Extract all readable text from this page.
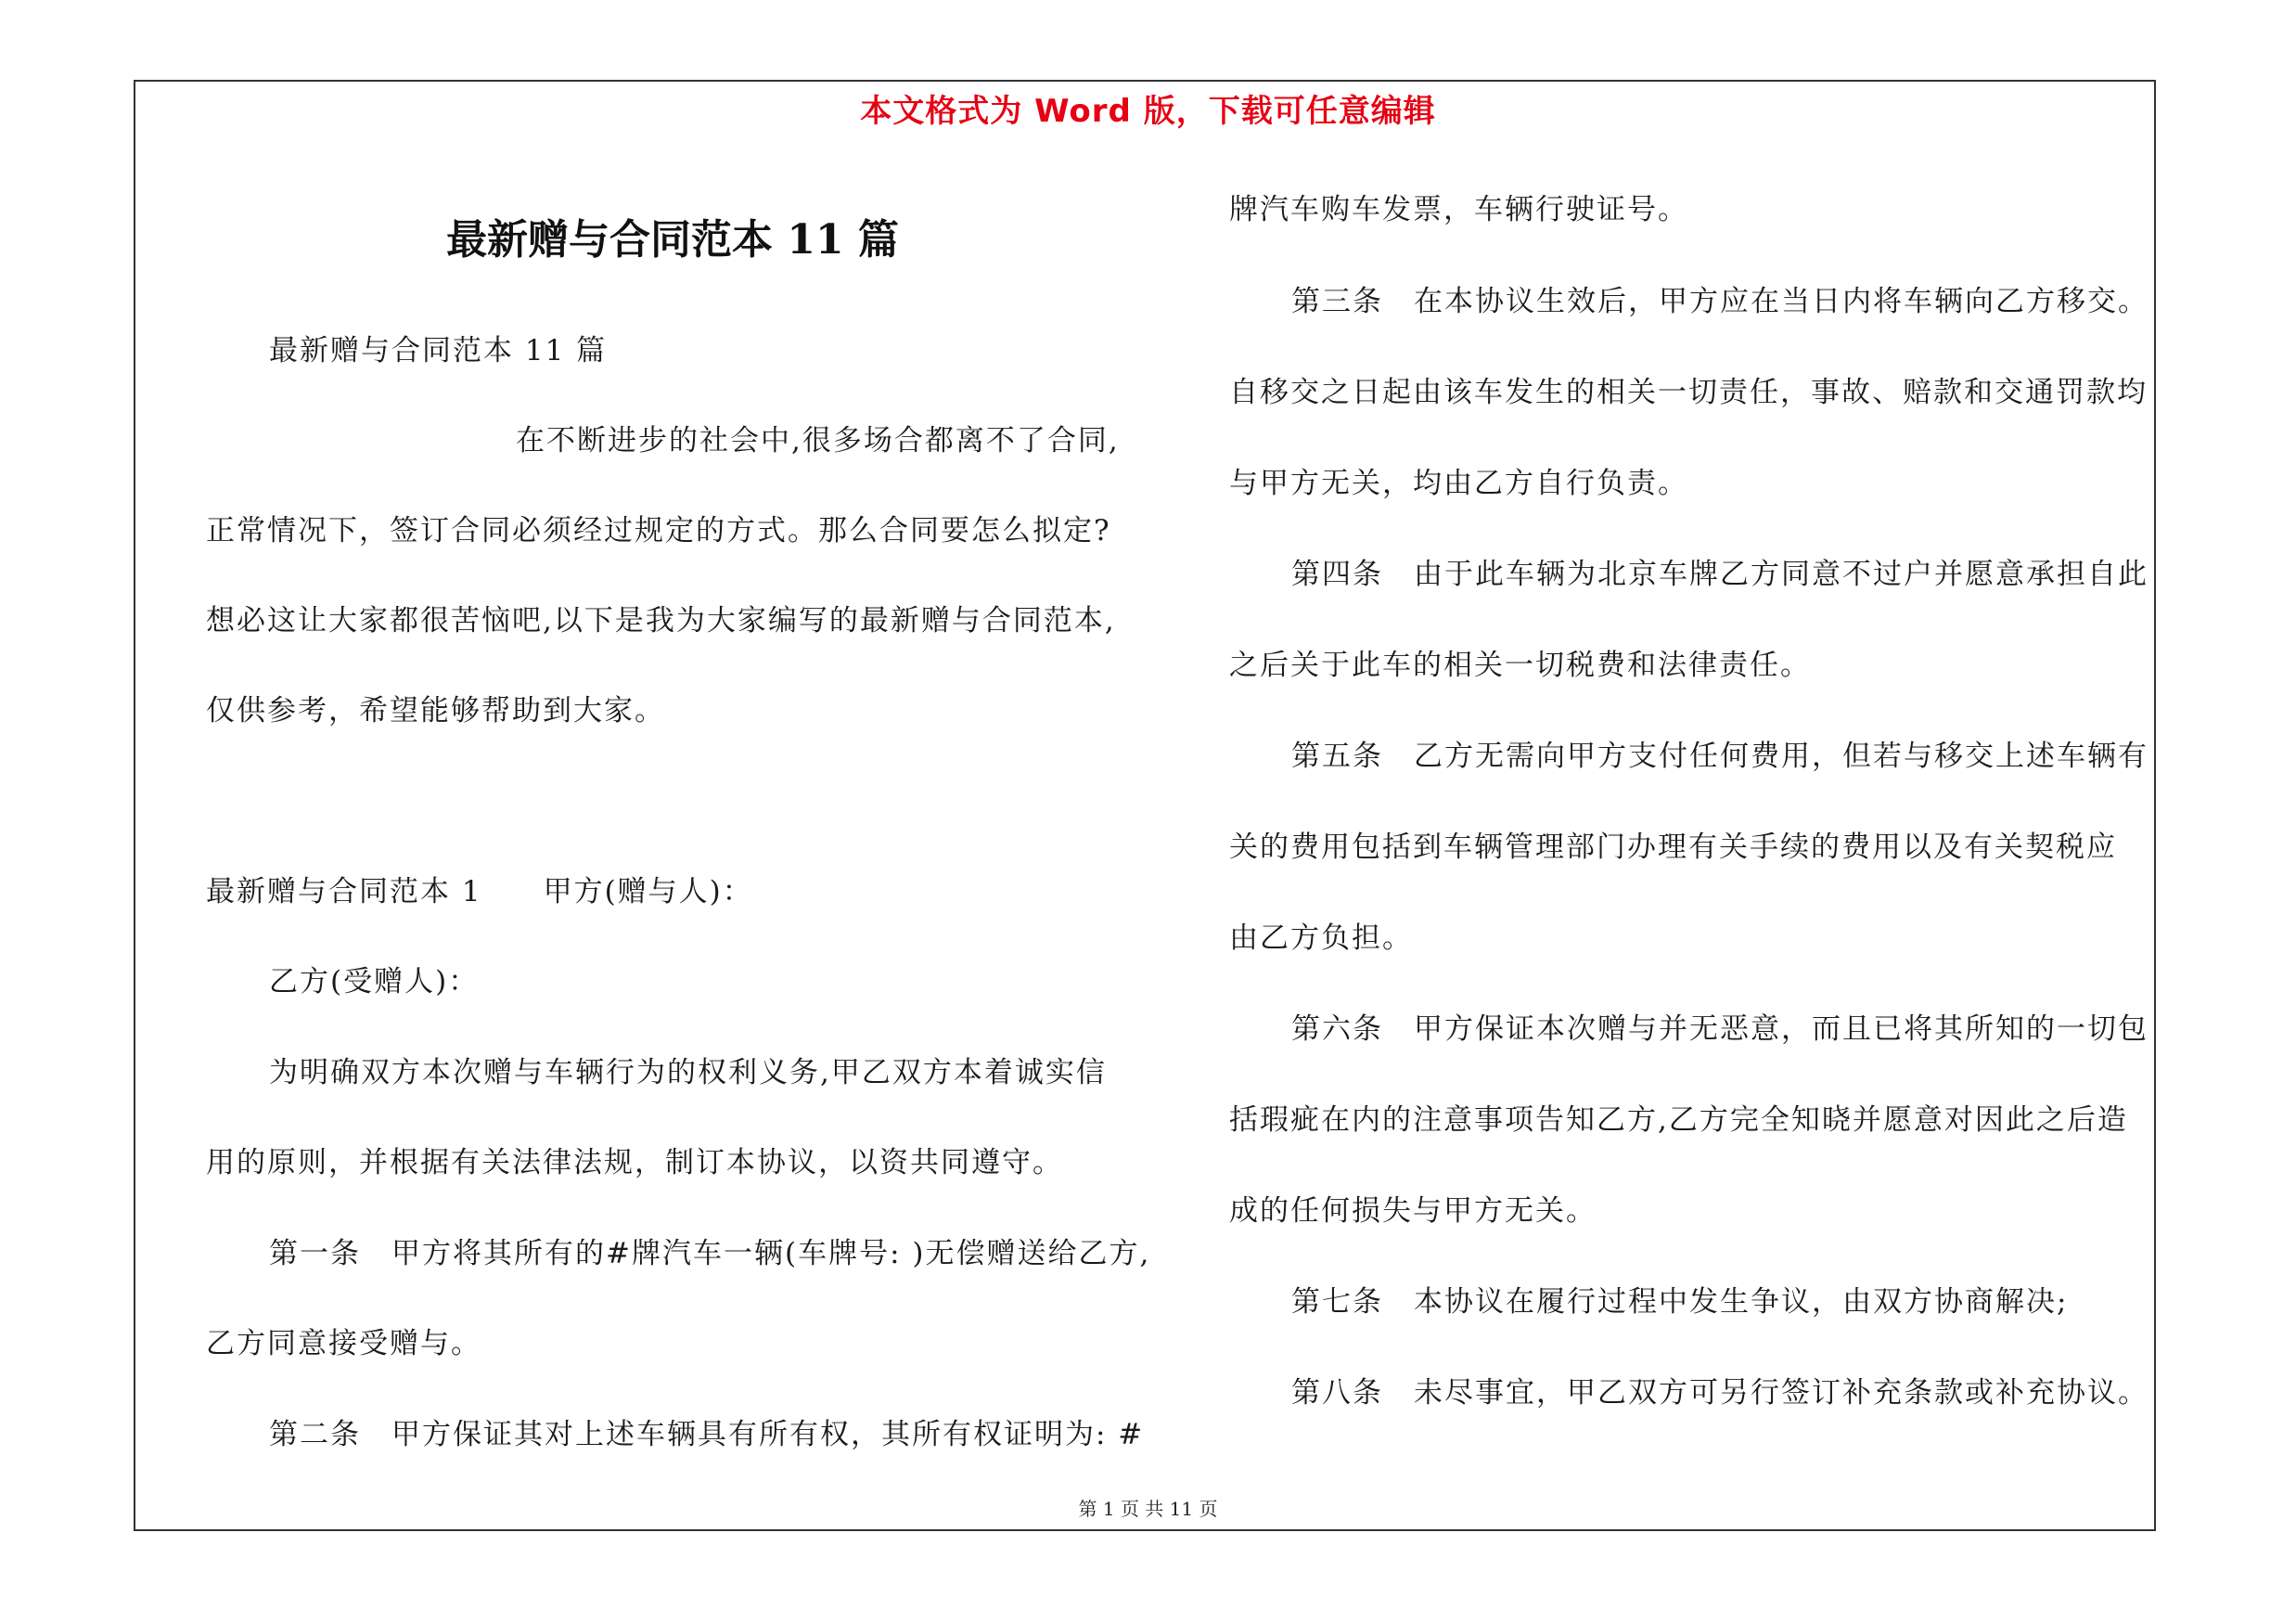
本文格式为 Word 版，下载可任意编辑
最新赠与合同范本 11 篇
最新赠与合同范本 11 篇
在不断进步的社会中,很多场合都离不了合同,
正常情况下，签订合同必须经过规定的方式。那么合同要怎么拟定?
想必这让大家都很苦恼吧,以下是我为大家编写的最新赠与合同范本,
仅供参考，希望能够帮助到大家。
最新赠与合同范本 1　　甲方(赠与人)：
乙方(受赠人)：
为明确双方本次赠与车辆行为的权利义务,甲乙双方本着诚实信
用的原则，并根据有关法律法规，制订本协议，以资共同遵守。
第一条　甲方将其所有的#牌汽车一辆(车牌号: )无偿赠送给乙方,
乙方同意接受赠与。
第二条　甲方保证其对上述车辆具有所有权，其所有权证明为: #
牌汽车购车发票，车辆行驶证号。
第三条　在本协议生效后，甲方应在当日内将车辆向乙方移交。
自移交之日起由该车发生的相关一切责任，事故、赔款和交通罚款均
与甲方无关，均由乙方自行负责。
第四条　由于此车辆为北京车牌乙方同意不过户并愿意承担自此
之后关于此车的相关一切税费和法律责任。
第五条　乙方无需向甲方支付任何费用，但若与移交上述车辆有
关的费用包括到车辆管理部门办理有关手续的费用以及有关契税应
由乙方负担。
第六条　甲方保证本次赠与并无恶意，而且已将其所知的一切包
括瑕疵在内的注意事项告知乙方,乙方完全知晓并愿意对因此之后造
成的任何损失与甲方无关。
第七条　本协议在履行过程中发生争议，由双方协商解决;
第八条　未尽事宜，甲乙双方可另行签订补充条款或补充协议。
第 1 页 共 11 页
